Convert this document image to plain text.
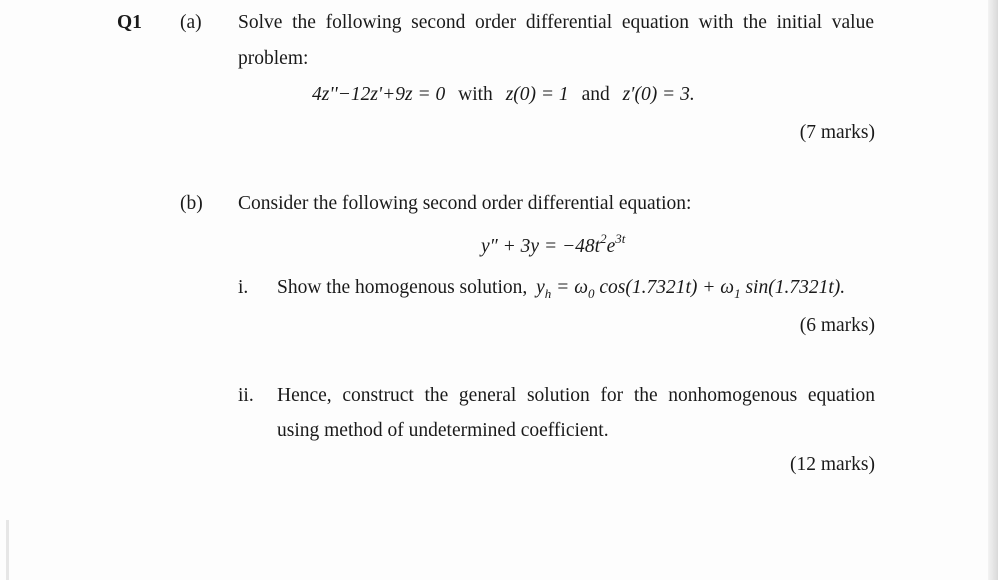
Q1 (a) Solve the following second order differential equation with the initial value
problem:
4z''−12z'+9z = 0 with z(0) = 1 and z′(0) = 3.
(7 marks)
(b) Consider the following second order differential equation:
$y'' + 3y = -48t^2e^{3t}$
i. Show the homogenous solution, $y_h = \omega_0$ $\cos(1.7321t) + \omega_1$ sin(1.7321t).
(6 marks)
ii. Hence, construct the general solution for the nonhomogenous equation
using method of undetermined coefficient.
(12 marks)
